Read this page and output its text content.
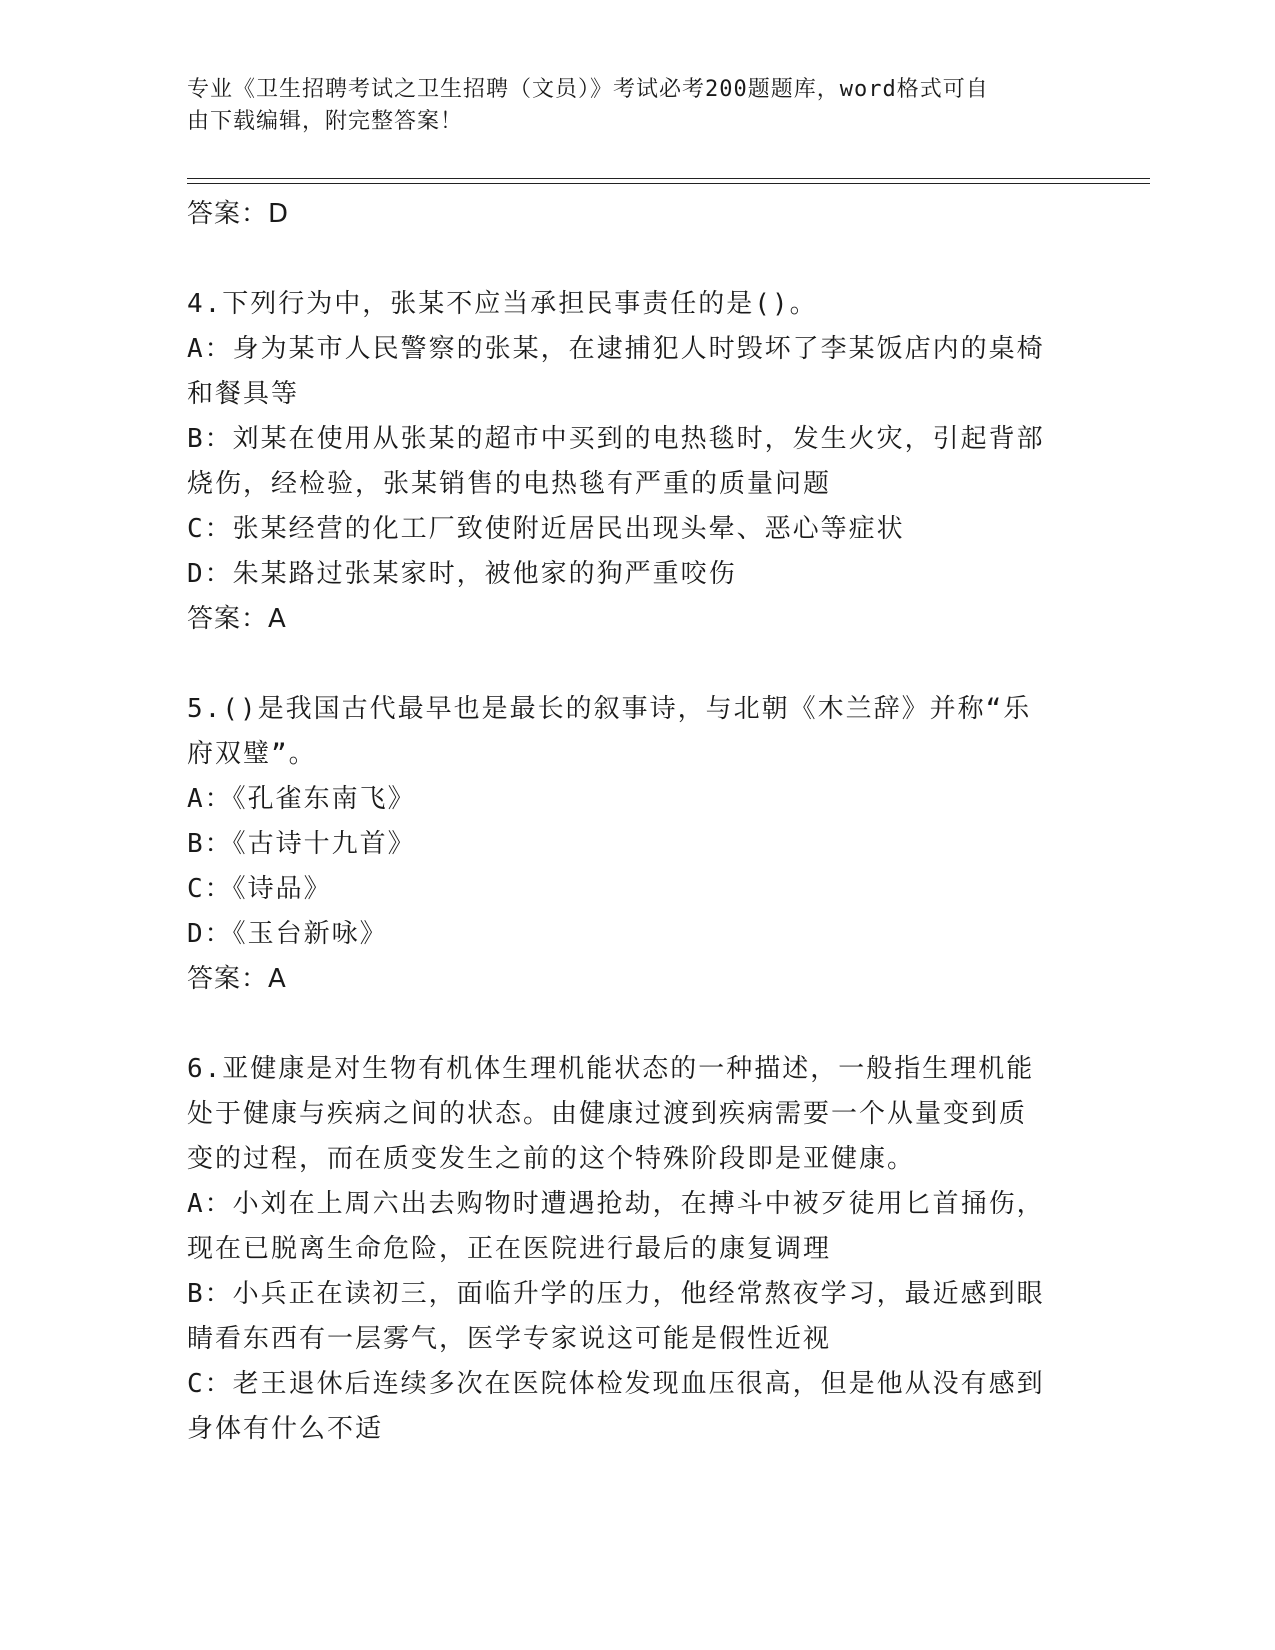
专业《卫生招聘考试之卫生招聘（文员）》考试必考200题题库，word格式可自
由下载编辑，附完整答案！
答案：D
4.下列行为中，张某不应当承担民事责任的是()。
A：身为某市人民警察的张某，在逮捕犯人时毁坏了李某饭店内的桌椅
和餐具等
B：刘某在使用从张某的超市中买到的电热毯时，发生火灾，引起背部
烧伤，经检验，张某销售的电热毯有严重的质量问题
C：张某经营的化工厂致使附近居民出现头晕、恶心等症状
D：朱某路过张某家时，被他家的狗严重咬伤
答案：A
5.()是我国古代最早也是最长的叙事诗，与北朝《木兰辞》并称“乐
府双璧”。
A：《孔雀东南飞》
B：《古诗十九首》
C：《诗品》
D：《玉台新咏》
答案：A
6.亚健康是对生物有机体生理机能状态的一种描述，一般指生理机能
处于健康与疾病之间的状态。由健康过渡到疾病需要一个从量变到质
变的过程，而在质变发生之前的这个特殊阶段即是亚健康。
A：小刘在上周六出去购物时遭遇抢劫，在搏斗中被歹徒用匕首捅伤，
现在已脱离生命危险，正在医院进行最后的康复调理
B：小兵正在读初三，面临升学的压力，他经常熬夜学习，最近感到眼
睛看东西有一层雾气，医学专家说这可能是假性近视
C：老王退休后连续多次在医院体检发现血压很高，但是他从没有感到
身体有什么不适
